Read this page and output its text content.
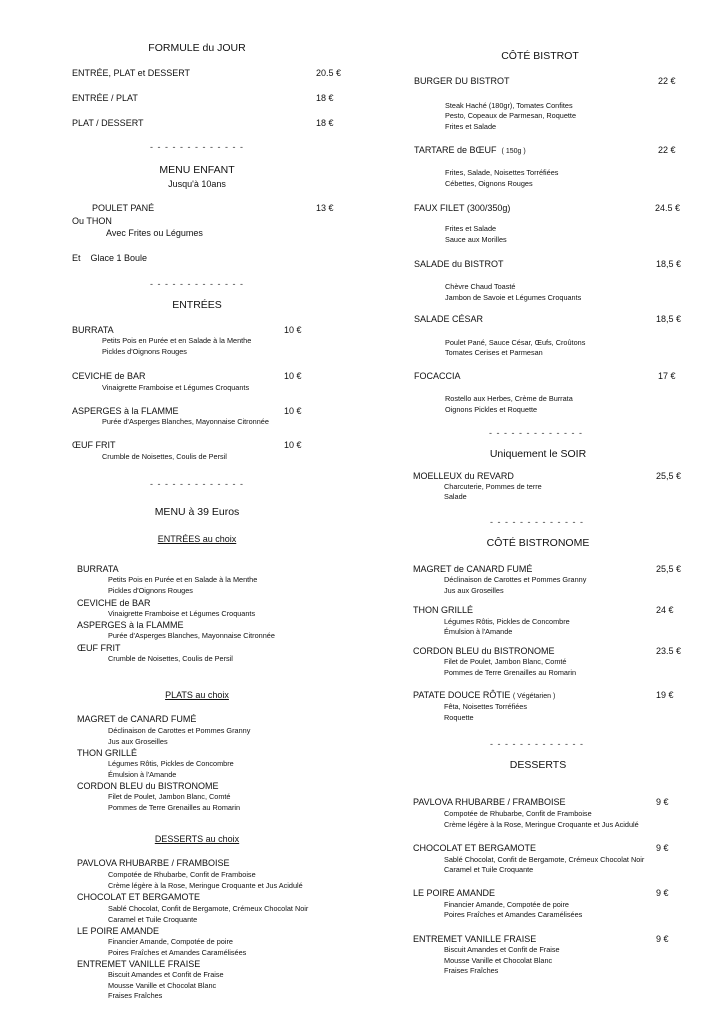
FORMULE du JOUR
ENTRÉE, PLAT et DESSERT	20.5 €
ENTRÉE / PLAT	18 €
PLAT / DESSERT	18 €
- - - - - - - - - - - - -
MENU ENFANT
Jusqu'à 10ans
POULET PANÉ	13 €
Ou THON
Avec Frites ou Légumes
Et    Glace 1 Boule
- - - - - - - - - - - - -
ENTRÉES
BURRATA	10 €
Petits Pois en Purée et en Salade à la Menthe
Pickles d'Oignons Rouges
CEVICHE de BAR	10 €
Vinaigrette Framboise et Légumes Croquants
ASPERGES à la FLAMME	10 €
Purée d'Asperges Blanches, Mayonnaise Citronnée
ŒUF FRIT	10 €
Crumble de Noisettes, Coulis de Persil
- - - - - - - - - - - - -
MENU à 39 Euros
ENTRÉES au choix
BURRATA
Petits Pois en Purée et en Salade à la Menthe
Pickles d'Oignons Rouges
CEVICHE de BAR
Vinaigrette Framboise et Légumes Croquants
ASPERGES à la FLAMME
Purée d'Asperges Blanches, Mayonnaise Citronnée
ŒUF FRIT
Crumble de Noisettes, Coulis de Persil
PLATS au choix
MAGRET de CANARD FUMÉ
Déclinaison de Carottes et Pommes Granny
Jus aux Groseilles
THON GRILLÉ
Légumes Rôtis, Pickles de Concombre
Émulsion à l'Amande
CORDON BLEU du BISTRONOME
Filet de Poulet, Jambon Blanc, Comté
Pommes de Terre Grenailles au Romarin
DESSERTS au choix
PAVLOVA RHUBARBE / FRAMBOISE
Compotée de Rhubarbe, Confit de Framboise
Crème légère à la Rose, Meringue Croquante et Jus Acidulé
CHOCOLAT ET BERGAMOTE
Sablé Chocolat, Confit de Bergamote, Crémeux Chocolat Noir
Caramel et Tuile Croquante
LE POIRE AMANDE
Financier Amande, Compotée de poire
Poires Fraîches et Amandes Caramélisées
ENTREMET VANILLE FRAISE
Biscuit Amandes et Confit de Fraise
Mousse Vanille et Chocolat Blanc
Fraises Fraîches
CÔTÉ BISTROT
BURGER DU BISTROT	22 €
Steak Haché (180gr), Tomates Confites
Pesto, Copeaux de Parmesan, Roquette
Frites et Salade
TARTARE de BŒUF ( 150g )	22 €
Frites, Salade, Noisettes Torréfiées
Cébettes, Oignons Rouges
FAUX FILET (300/350g)	24.5 €
Frites et Salade
Sauce aux Morilles
SALADE du BISTROT	18,5 €
Chèvre Chaud Toasté
Jambon de Savoie et Légumes Croquants
SALADE CÉSAR	18,5 €
Poulet Pané, Sauce César, Œufs, Croûtons
Tomates Cerises et Parmesan
FOCACCIA	17 €
Rostello aux Herbes, Crème de Burrata
Oignons Pickles et Roquette
- - - - - - - - - - - - -
Uniquement le SOIR
MOELLEUX du REVARD	25,5 €
Charcuterie, Pommes de terre
Salade
- - - - - - - - - - - - -
CÔTÉ BISTRONOME
MAGRET de CANARD FUMÉ	25,5 €
Déclinaison de Carottes et Pommes Granny
Jus aux Groseilles
THON GRILLÉ	24 €
Légumes Rôtis, Pickles de Concombre
Émulsion à l'Amande
CORDON BLEU du BISTRONOME	23.5 €
Filet de Poulet, Jambon Blanc, Comté
Pommes de Terre Grenailles au Romarin
PATATE DOUCE RÔTIE ( Végétarien )	19 €
Fêta, Noisettes Torréfiées
Roquette
- - - - - - - - - - - - -
DESSERTS
PAVLOVA RHUBARBE / FRAMBOISE	9 €
Compotée de Rhubarbe, Confit de Framboise
Crème légère à la Rose, Meringue Croquante et Jus Acidulé
CHOCOLAT ET BERGAMOTE	9 €
Sablé Chocolat, Confit de Bergamote, Crémeux Chocolat Noir
Caramel et Tuile Croquante
LE POIRE AMANDE	9 €
Financier Amande, Compotée de poire
Poires Fraîches et Amandes Caramélisées
ENTREMET VANILLE FRAISE	9 €
Biscuit Amandes et Confit de Fraise
Mousse Vanille et Chocolat Blanc
Fraises Fraîches
